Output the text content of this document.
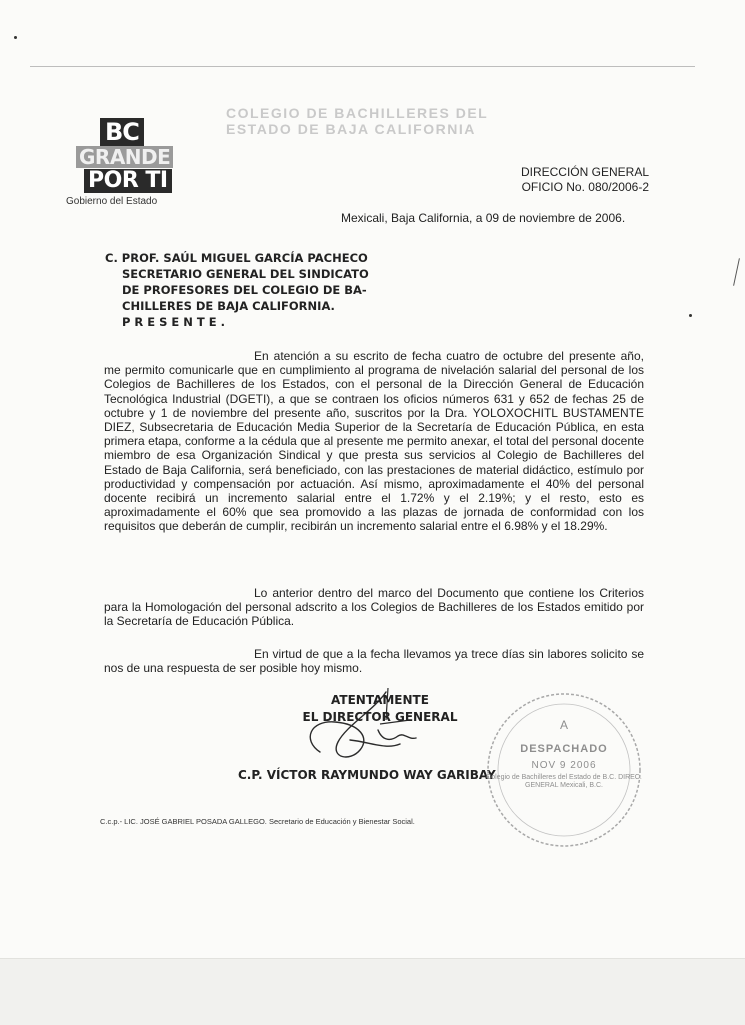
COLEGIO DE BACHILLERES DEL
ESTADO DE BAJA CALIFORNIA
BC
GRANDE
POR TI
Gobierno del Estado
DIRECCIÓN GENERAL
OFICIO No. 080/2006-2
Mexicali, Baja California, a 09 de noviembre de 2006.
C. PROF. SAÚL MIGUEL GARCÍA PACHECO
SECRETARIO GENERAL DEL SINDICATO
DE PROFESORES DEL COLEGIO DE BA-
CHILLERES DE BAJA CALIFORNIA.
PRESENTE.
En atención a su escrito de fecha cuatro de octubre del presente año, me permito comunicarle que en cumplimiento al programa de nivelación salarial del personal de los Colegios de Bachilleres de los Estados, con el personal de la Dirección General de Educación Tecnológica Industrial (DGETI), a que se contraen los oficios números 631 y 652 de fechas 25 de octubre y 1 de noviembre del presente año, suscritos por la Dra. YOLOXOCHITL BUSTAMENTE DIEZ, Subsecretaria de Educación Media Superior de la Secretaría de Educación Pública, en esta primera etapa, conforme a la cédula que al presente me permito anexar, el total del personal docente miembro de esa Organización Sindical y que presta sus servicios al Colegio de Bachilleres del Estado de Baja California, será beneficiado, con las prestaciones de material didáctico, estímulo por productividad y compensación por actuación. Así mismo, aproximadamente el 40% del personal docente recibirá un incremento salarial entre el 1.72% y el 2.19%; y el resto, esto es aproximadamente el 60% que sea promovido a las plazas de jornada de conformidad con los requisitos que deberán de cumplir, recibirán un incremento salarial entre el 6.98% y el 18.29%.
Lo anterior dentro del marco del Documento que contiene los Criterios para la Homologación del personal adscrito a los Colegios de Bachilleres de los Estados emitido por la Secretaría de Educación Pública.
En virtud de que a la fecha llevamos ya trece días sin labores solicito se nos de una respuesta de ser posible hoy mismo.
ATENTAMENTE
EL DIRECTOR GENERAL
C.P. VÍCTOR RAYMUNDO WAY GARIBAY
C.c.p.- LIC. JOSÉ GABRIEL POSADA GALLEGO. Secretario de Educación y Bienestar Social.
A
DESPACHADO
NOV 9 2006
Colegio de Bachilleres del Estado de B.C. DIREC. GENERAL Mexicali, B.C.
